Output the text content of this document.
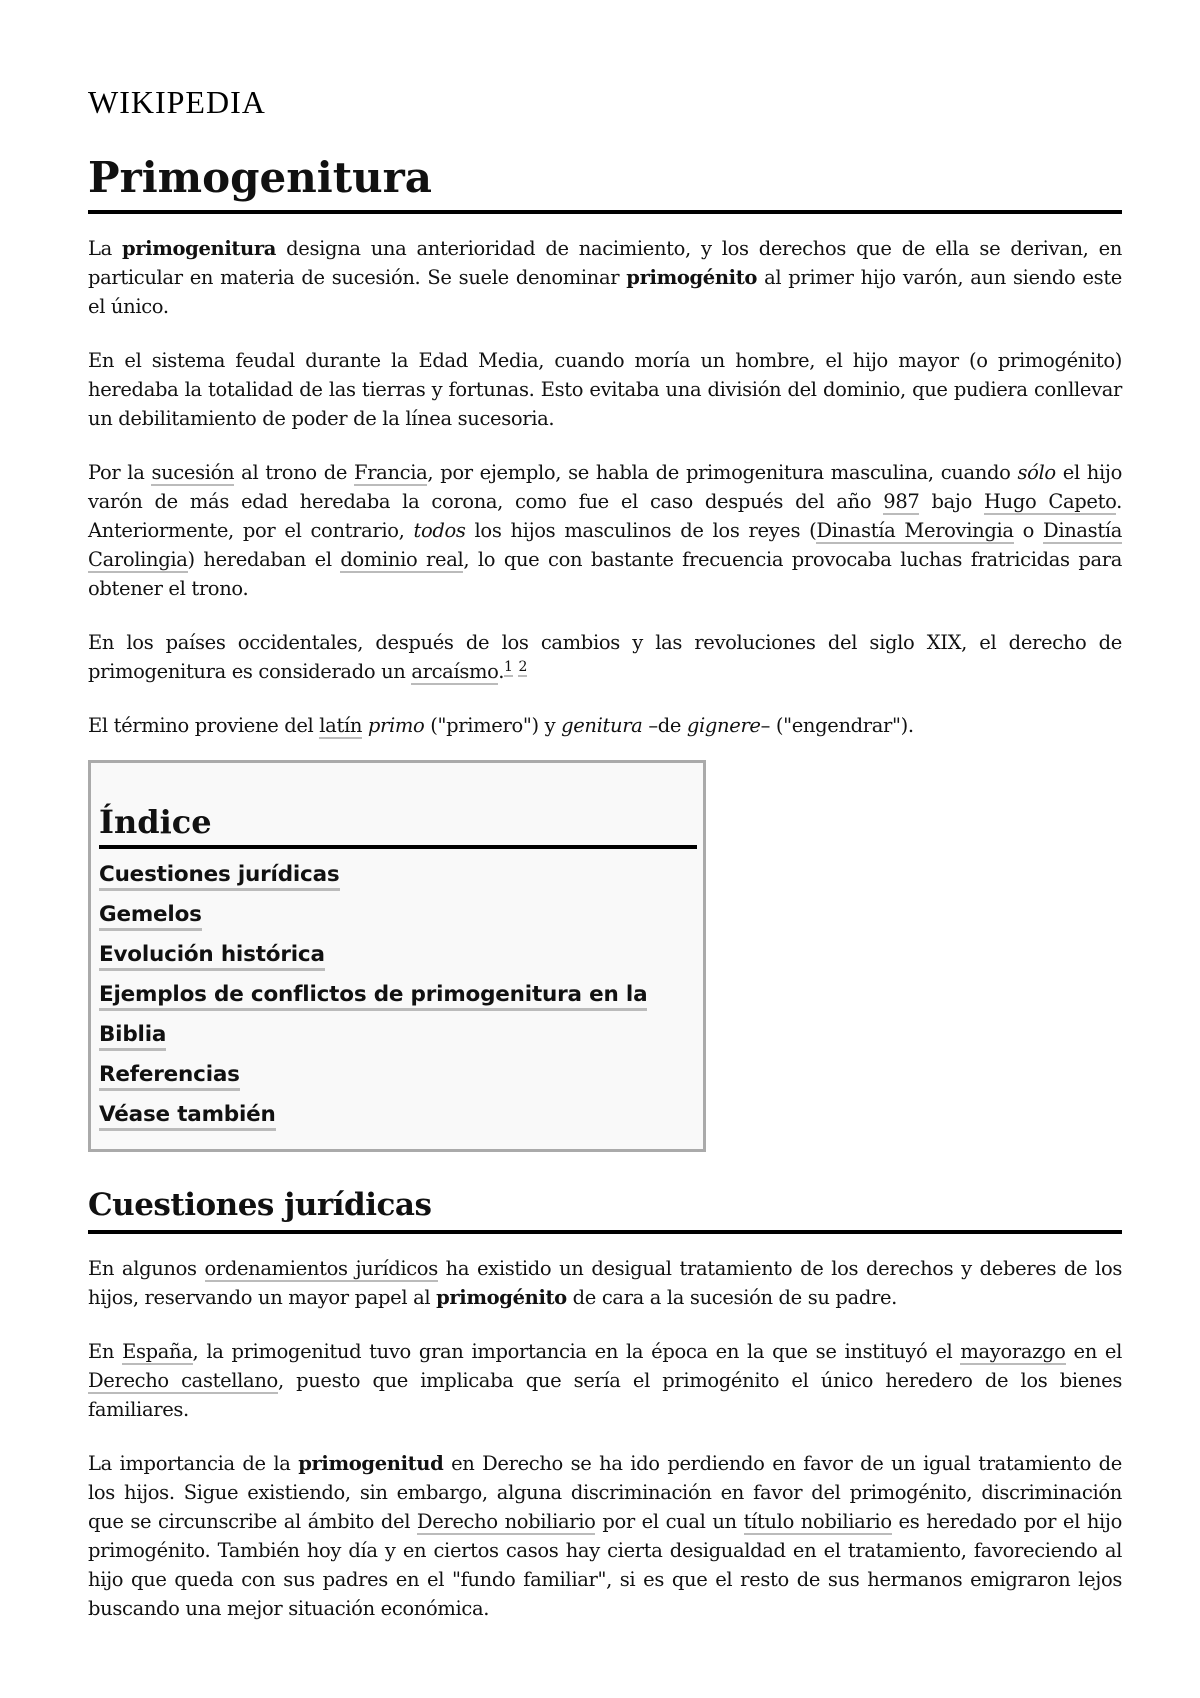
WIKIPEDIA
Primogenitura

La primogenitura designa una anterioridad de nacimiento, y los derechos que de ella se derivan, en particular en materia de sucesión. Se suele denominar primogénito al primer hijo varón, aun siendo este el único.

En el sistema feudal durante la Edad Media, cuando moría un hombre, el hijo mayor (o primogénito) heredaba la totalidad de las tierras y fortunas. Esto evitaba una división del dominio, que pudiera conllevar un debilitamiento de poder de la línea sucesoria.

Por la sucesión al trono de Francia, por ejemplo, se habla de primogenitura masculina, cuando sólo el hijo varón de más edad heredaba la corona, como fue el caso después del año 987 bajo Hugo Capeto. Anteriormente, por el contrario, todos los hijos masculinos de los reyes (Dinastía Merovingia o Dinastía Carolingia) heredaban el dominio real, lo que con bastante frecuencia provocaba luchas fratricidas para obtener el trono.

En los países occidentales, después de los cambios y las revoluciones del siglo XIX, el derecho de primogenitura es considerado un arcaísmo.$^1$ $^2$

El término proviene del latín primo ("primero") y genitura –de gignere– ("engendrar").

Índice
Cuestiones jurídicas
Gemelos
Evolución histórica
Ejemplos de conflictos de primogenitura en la Biblia
Referencias
Véase también
Cuestiones jurídicas

En algunos ordenamientos jurídicos ha existido un desigual tratamiento de los derechos y deberes de los hijos, reservando un mayor papel al primogénito de cara a la sucesión de su padre.

En España, la primogenitud tuvo gran importancia en la época en la que se instituyó el mayorazgo en el Derecho castellano, puesto que implicaba que sería el primogénito el único heredero de los bienes familiares.

La importancia de la primogenitud en Derecho se ha ido perdiendo en favor de un igual tratamiento de los hijos. Sigue existiendo, sin embargo, alguna discriminación en favor del primogénito, discriminación que se circunscribe al ámbito del Derecho nobiliario por el cual un título nobiliario es heredado por el hijo primogénito. También hoy día y en ciertos casos hay cierta desigualdad en el tratamiento, favoreciendo al hijo que queda con sus padres en el "fundo familiar", si es que el resto de sus hermanos emigraron lejos buscando una mejor situación económica.
